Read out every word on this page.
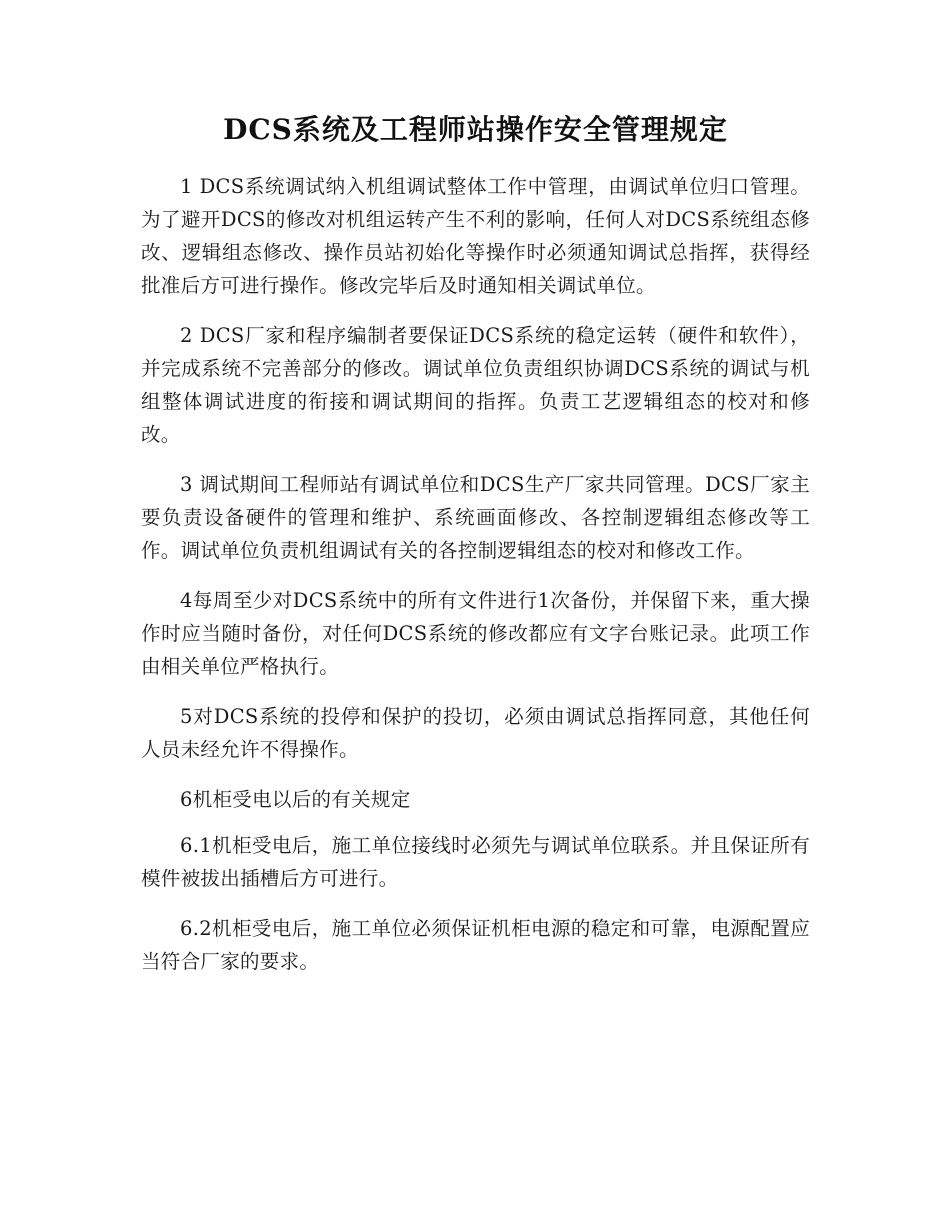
DCS系统及工程师站操作安全管理规定

1 DCS系统调试纳入机组调试整体工作中管理，由调试单位归口管理。为了避开DCS的修改对机组运转产生不利的影响，任何人对DCS系统组态修改、逻辑组态修改、操作员站初始化等操作时必须通知调试总指挥，获得经批准后方可进行操作。修改完毕后及时通知相关调试单位。

2 DCS厂家和程序编制者要保证DCS系统的稳定运转（硬件和软件），并完成系统不完善部分的修改。调试单位负责组织协调DCS系统的调试与机组整体调试进度的衔接和调试期间的指挥。负责工艺逻辑组态的校对和修改。

3 调试期间工程师站有调试单位和DCS生产厂家共同管理。DCS厂家主要负责设备硬件的管理和维护、系统画面修改、各控制逻辑组态修改等工作。调试单位负责机组调试有关的各控制逻辑组态的校对和修改工作。

4每周至少对DCS系统中的所有文件进行1次备份，并保留下来，重大操作时应当随时备份，对任何DCS系统的修改都应有文字台账记录。此项工作由相关单位严格执行。

5对DCS系统的投停和保护的投切，必须由调试总指挥同意，其他任何人员未经允许不得操作。

6机柜受电以后的有关规定

6.1机柜受电后，施工单位接线时必须先与调试单位联系。并且保证所有模件被拔出插槽后方可进行。

6.2机柜受电后，施工单位必须保证机柜电源的稳定和可靠，电源配置应当符合厂家的要求。
